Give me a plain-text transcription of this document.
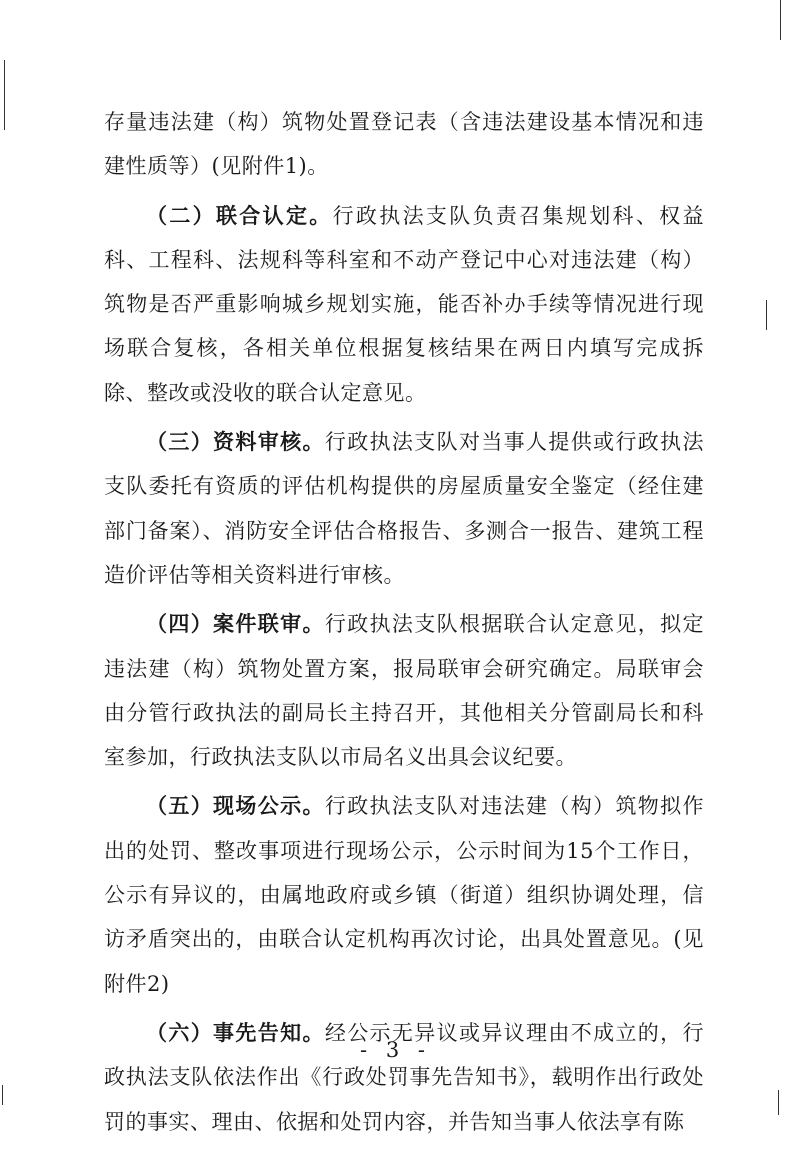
存量违法建（构）筑物处置登记表（含违法建设基本情况和违建性质等）(见附件1)。

（二）联合认定。行政执法支队负责召集规划科、权益科、工程科、法规科等科室和不动产登记中心对违法建（构）筑物是否严重影响城乡规划实施，能否补办手续等情况进行现场联合复核，各相关单位根据复核结果在两日内填写完成拆除、整改或没收的联合认定意见。

（三）资料审核。行政执法支队对当事人提供或行政执法支队委托有资质的评估机构提供的房屋质量安全鉴定（经住建部门备案）、消防安全评估合格报告、多测合一报告、建筑工程造价评估等相关资料进行审核。

（四）案件联审。行政执法支队根据联合认定意见，拟定违法建（构）筑物处置方案，报局联审会研究确定。局联审会由分管行政执法的副局长主持召开，其他相关分管副局长和科室参加，行政执法支队以市局名义出具会议纪要。

（五）现场公示。行政执法支队对违法建（构）筑物拟作出的处罚、整改事项进行现场公示，公示时间为15个工作日，公示有异议的，由属地政府或乡镇（街道）组织协调处理，信访矛盾突出的，由联合认定机构再次讨论，出具处置意见。(见附件2)

（六）事先告知。经公示无异议或异议理由不成立的，行政执法支队依法作出《行政处罚事先告知书》，载明作出行政处罚的事实、理由、依据和处罚内容，并告知当事人依法享有陈

- 3 -
